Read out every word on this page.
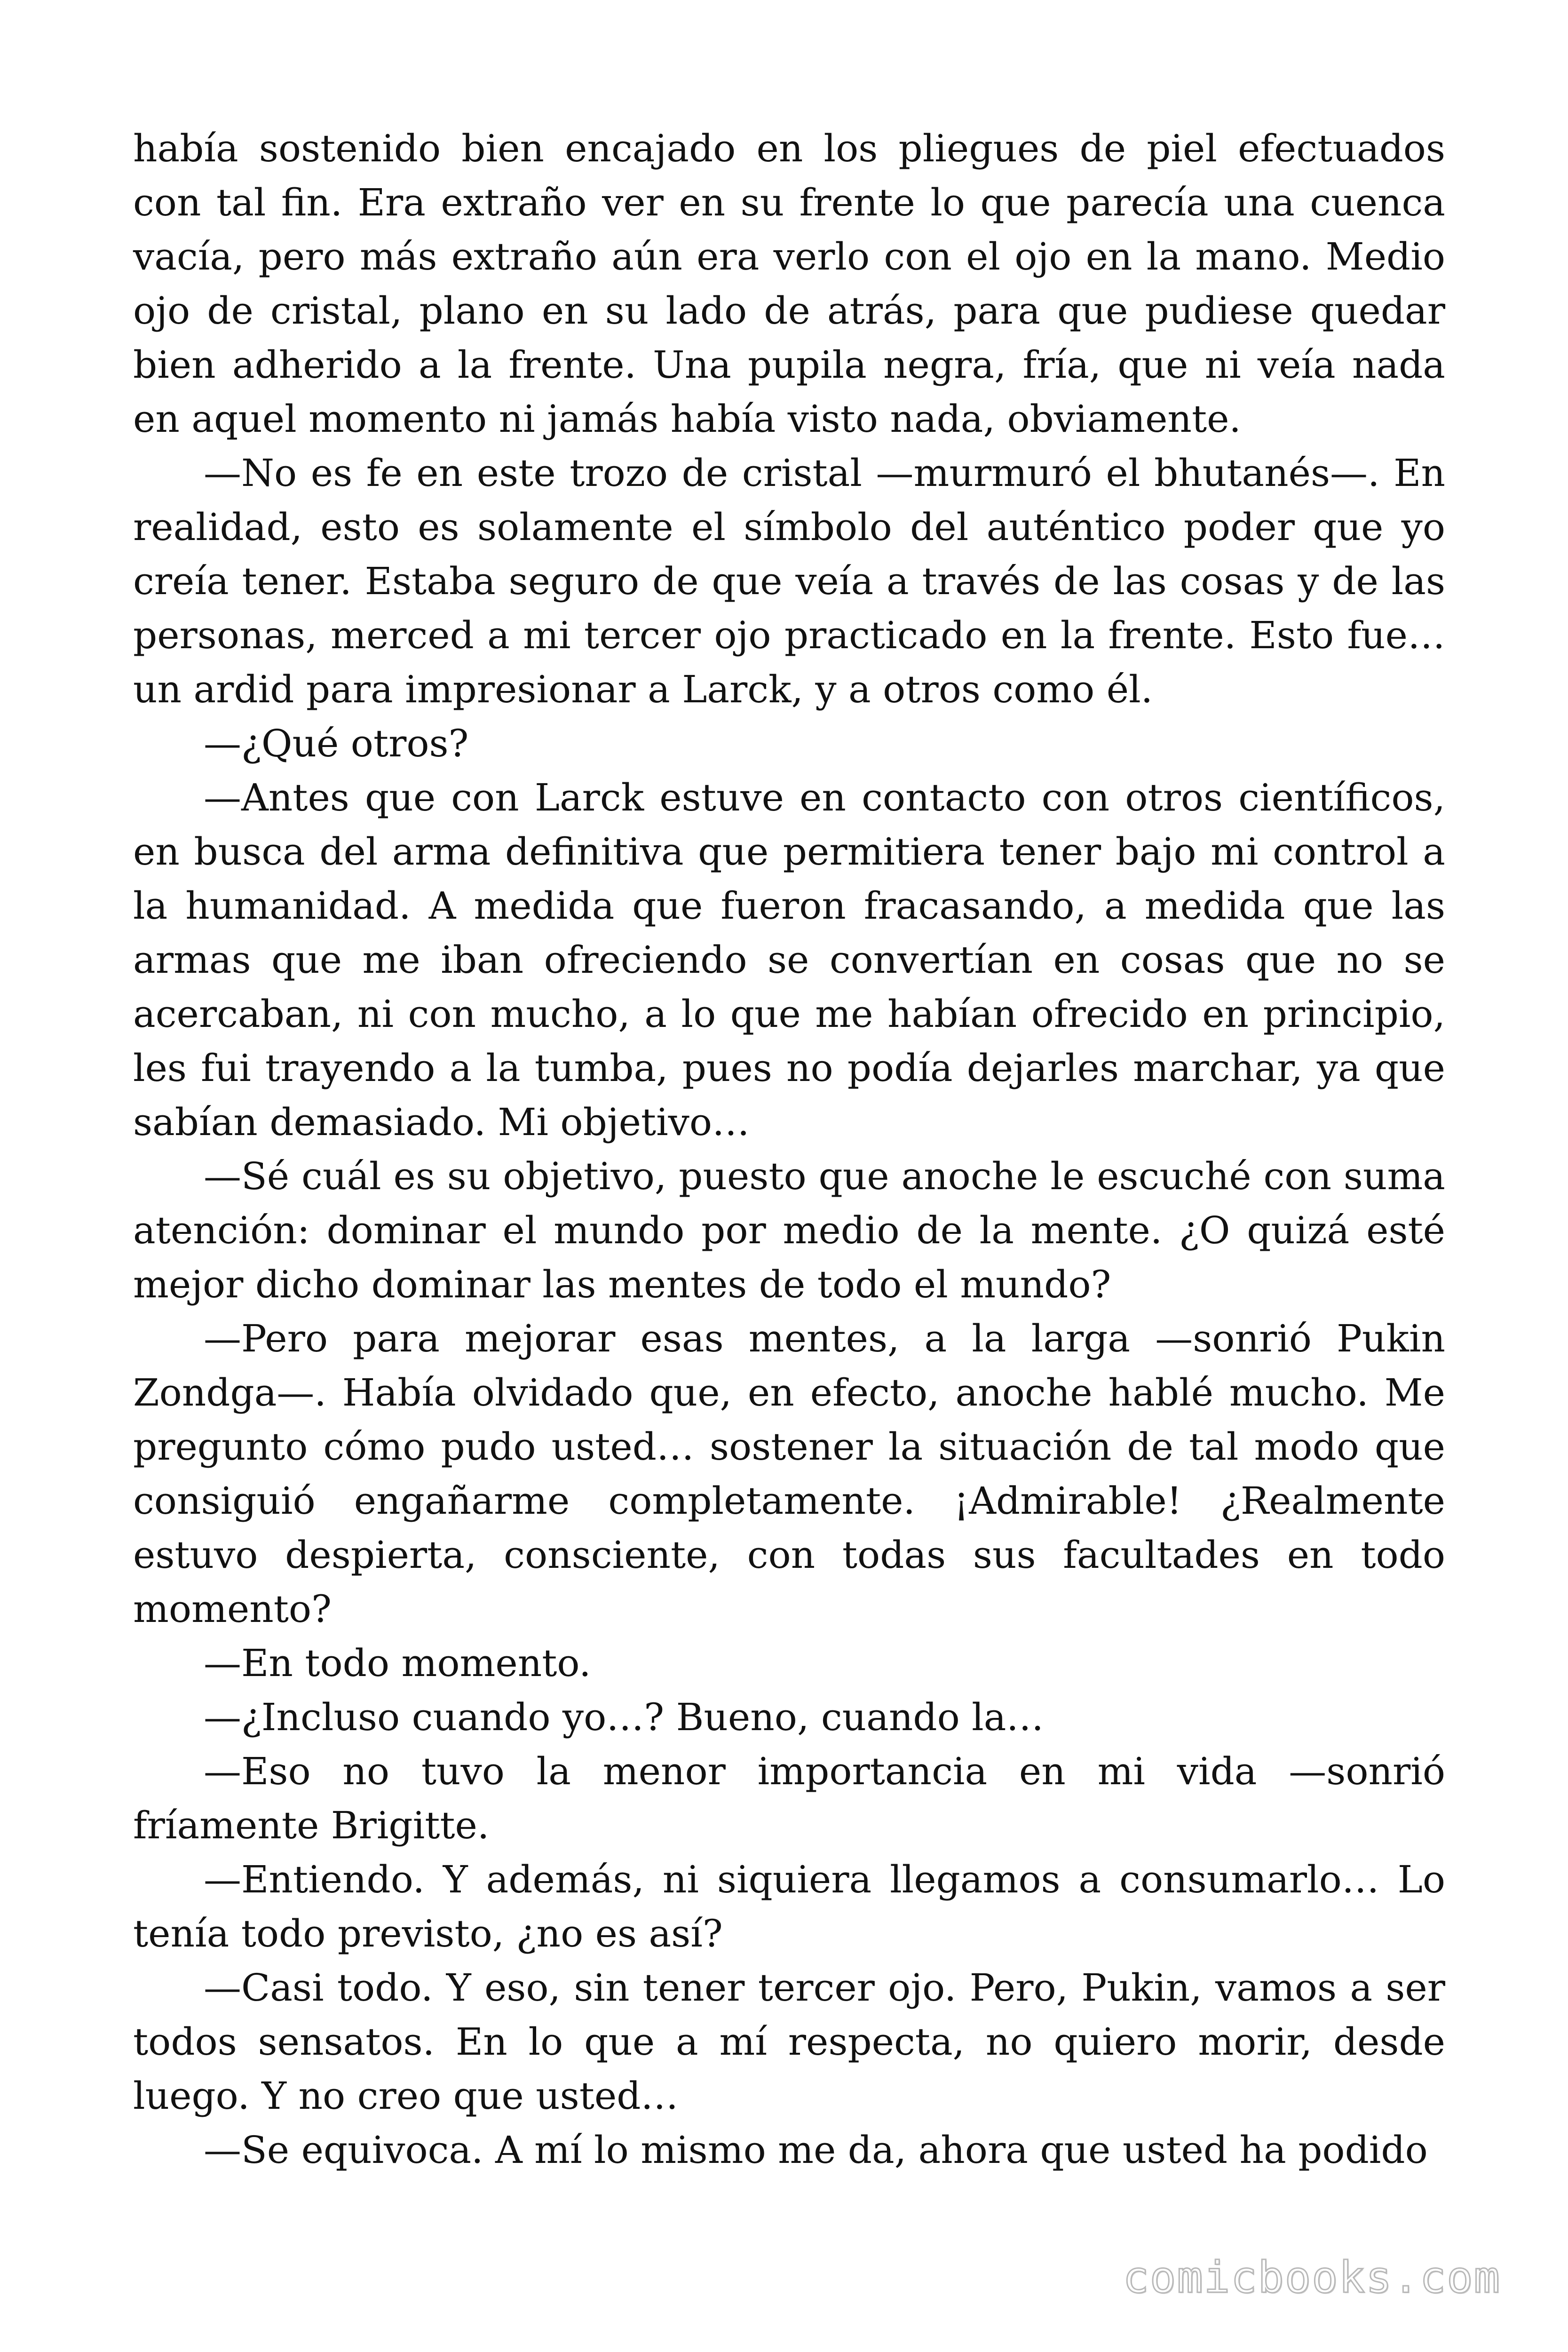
había sostenido bien encajado en los pliegues de piel efectuados con tal fin. Era extraño ver en su frente lo que parecía una cuenca vacía, pero más extraño aún era verlo con el ojo en la mano. Medio ojo de cristal, plano en su lado de atrás, para que pudiese quedar bien adherido a la frente. Una pupila negra, fría, que ni veía nada en aquel momento ni jamás había visto nada, obviamente.

—No es fe en este trozo de cristal —murmuró el bhutanés—. En realidad, esto es solamente el símbolo del auténtico poder que yo creía tener. Estaba seguro de que veía a través de las cosas y de las personas, merced a mi tercer ojo practicado en la frente. Esto fue… un ardid para impresionar a Larck, y a otros como él.

—¿Qué otros?

—Antes que con Larck estuve en contacto con otros científicos, en busca del arma definitiva que permitiera tener bajo mi control a la humanidad. A medida que fueron fracasando, a medida que las armas que me iban ofreciendo se convertían en cosas que no se acercaban, ni con mucho, a lo que me habían ofrecido en principio, les fui trayendo a la tumba, pues no podía dejarles marchar, ya que sabían demasiado. Mi objetivo…

—Sé cuál es su objetivo, puesto que anoche le escuché con suma atención: dominar el mundo por medio de la mente. ¿O quizá esté mejor dicho dominar las mentes de todo el mundo?

—Pero para mejorar esas mentes, a la larga —sonrió Pukin Zondga—. Había olvidado que, en efecto, anoche hablé mucho. Me pregunto cómo pudo usted… sostener la situación de tal modo que consiguió engañarme completamente. ¡Admirable! ¿Realmente estuvo despierta, consciente, con todas sus facultades en todo momento?

—En todo momento.

—¿Incluso cuando yo…? Bueno, cuando la…

—Eso no tuvo la menor importancia en mi vida —sonrió fríamente Brigitte.

—Entiendo. Y además, ni siquiera llegamos a consumarlo… Lo tenía todo previsto, ¿no es así?

—Casi todo. Y eso, sin tener tercer ojo. Pero, Pukin, vamos a ser todos sensatos. En lo que a mí respecta, no quiero morir, desde luego. Y no creo que usted…

—Se equivoca. A mí lo mismo me da, ahora que usted ha podido

comicbooks.com
